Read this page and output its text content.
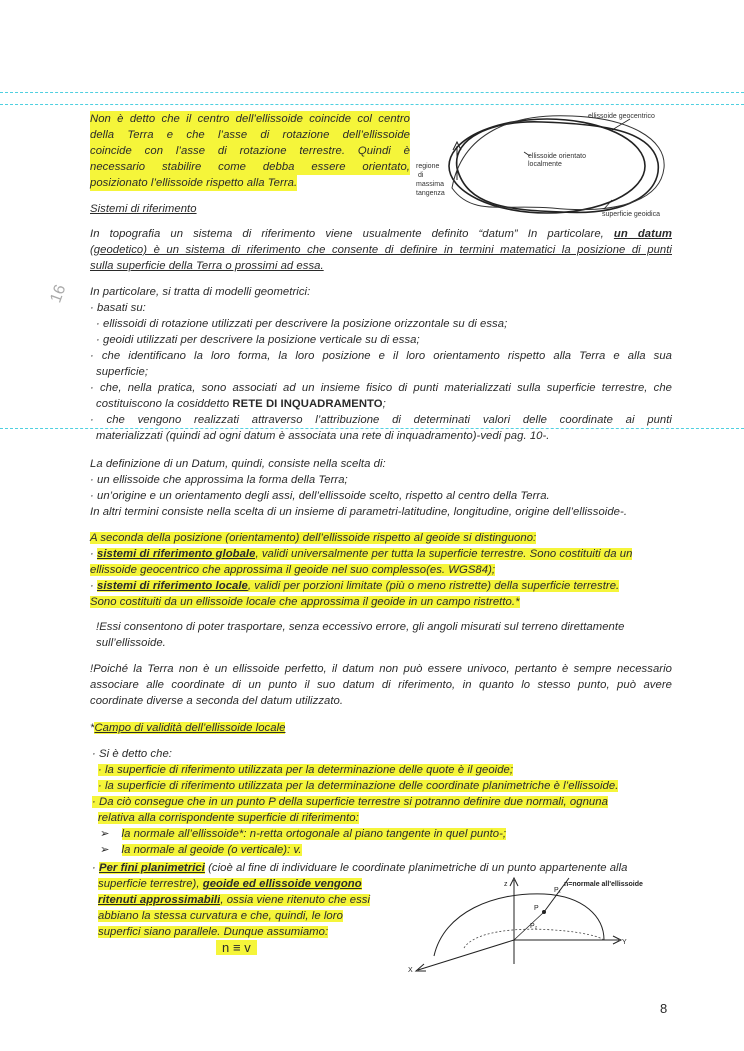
16
Non è detto che il centro dell’ellissoide coincide col centro
della Terra e che l’asse di rotazione dell’ellissoide
coincide con l’asse di rotazione terrestre. Quindi è
necessario stabilire come debba essere orientato,
posizionato l’ellissoide rispetto alla Terra.
ellissoide geocentrico
ellissoide orientato
localmente
regione
di
massima
tangenza
superficie geoidica
Sistemi di riferimento
In topografia un sistema di riferimento viene usualmente definito “datum” In particolare, un datum
(geodetico) è un sistema di riferimento che consente di definire in termini matematici la posizione di punti
sulla superficie della Terra o prossimi ad essa.
In particolare, si tratta di modelli geometrici:
· basati su:
· ellissoidi di rotazione utilizzati per descrivere la posizione orizzontale su di essa;
· geoidi utilizzati per descrivere la posizione verticale su di essa;
· che identificano la loro forma, la loro posizione e il loro orientamento rispetto alla Terra e alla sua
superficie;
· che, nella pratica, sono associati ad un insieme fisico di punti materializzati sulla superficie terrestre, che
costituiscono la cosiddetto RETE DI INQUADRAMENTO;
· che vengono realizzati attraverso l’attribuzione di determinati valori delle coordinate ai punti
materializzati (quindi ad ogni datum è associata una rete di inquadramento)-vedi pag. 10-.
La definizione di un Datum, quindi, consiste nella scelta di:
· un ellissoide che approssima la forma della Terra;
· un’origine e un orientamento degli assi, dell’ellissoide scelto, rispetto al centro della Terra.
In altri termini consiste nella scelta di un insieme di parametri-latitudine, longitudine, origine dell’ellissoide-.
A seconda della posizione (orientamento) dell’ellissoide rispetto al geoide si distinguono:
· sistemi di riferimento globale, validi universalmente per tutta la superficie terrestre. Sono costituiti da un
ellissoide geocentrico che approssima il geoide nel suo complesso(es. WGS84);
· sistemi di riferimento locale, validi per porzioni limitate (più o meno ristrette) della superficie terrestre.
Sono costituiti da un ellissoide locale che approssima il geoide in un campo ristretto.*
!Essi consentono di poter trasportare, senza eccessivo errore, gli angoli misurati sul terreno direttamente
sull’ellissoide.
!Poiché la Terra non è un ellissoide perfetto, il datum non può essere univoco, pertanto è sempre necessario
associare alle coordinate di un punto il suo datum di riferimento, in quanto lo stesso punto, può avere
coordinate diverse a seconda del datum utilizzato.
*Campo di validità dell’ellissoide locale
· Si è detto che:
· la superficie di riferimento utilizzata per la determinazione delle quote è il geoide;
· la superficie di riferimento utilizzata per la determinazione delle coordinate planimetriche è l’ellissoide.
· Da ciò consegue che in un punto P della superficie terrestre si potranno definire due normali, ognuna
relativa alla corrispondente superficie di riferimento:
➢ la normale all’ellissoide*: n-retta ortogonale al piano tangente in quel punto-;
➢ la normale al geoide (o verticale): v.
· Per fini planimetrici (cioè al fine di individuare le coordinate planimetriche di un punto appartenente alla
superficie terrestre), geoide ed ellissoide vengono
ritenuti approssimabili, ossia viene ritenuto che essi
abbiano la stessa curvatura e che, quindi, le loro
superfici siano parallele. Dunque assumiamo:
n ≡ v
n=normale all'ellissoide
z
Y
X
P₁
P
P₂
8
